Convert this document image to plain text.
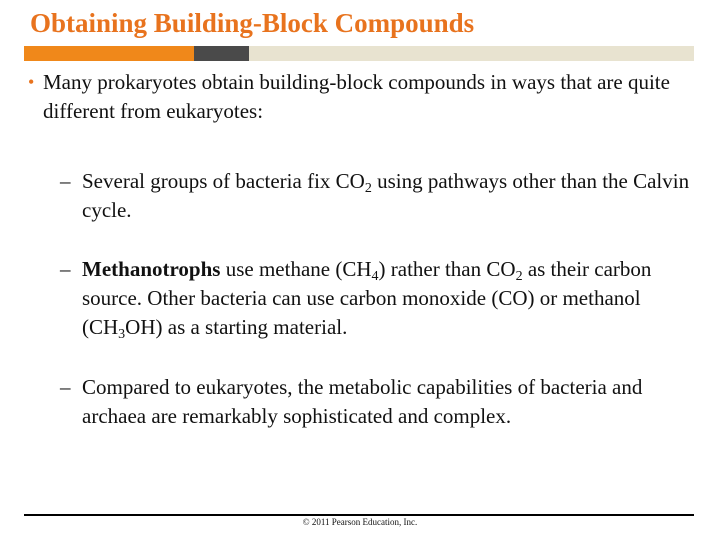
Obtaining Building-Block Compounds
• Many prokaryotes obtain building-block compounds in ways that are quite different from eukaryotes:
– Several groups of bacteria fix $CO_2$ using pathways other than the Calvin cycle.
– Methanotrophs use methane $(CH_4)$ rather than $CO_2$ as their carbon source. Other bacteria can use carbon monoxide (CO) or methanol $(CH_3OH)$ as a starting material.
– Compared to eukaryotes, the metabolic capabilities of bacteria and archaea are remarkably sophisticated and complex.
© 2011 Pearson Education, Inc.
